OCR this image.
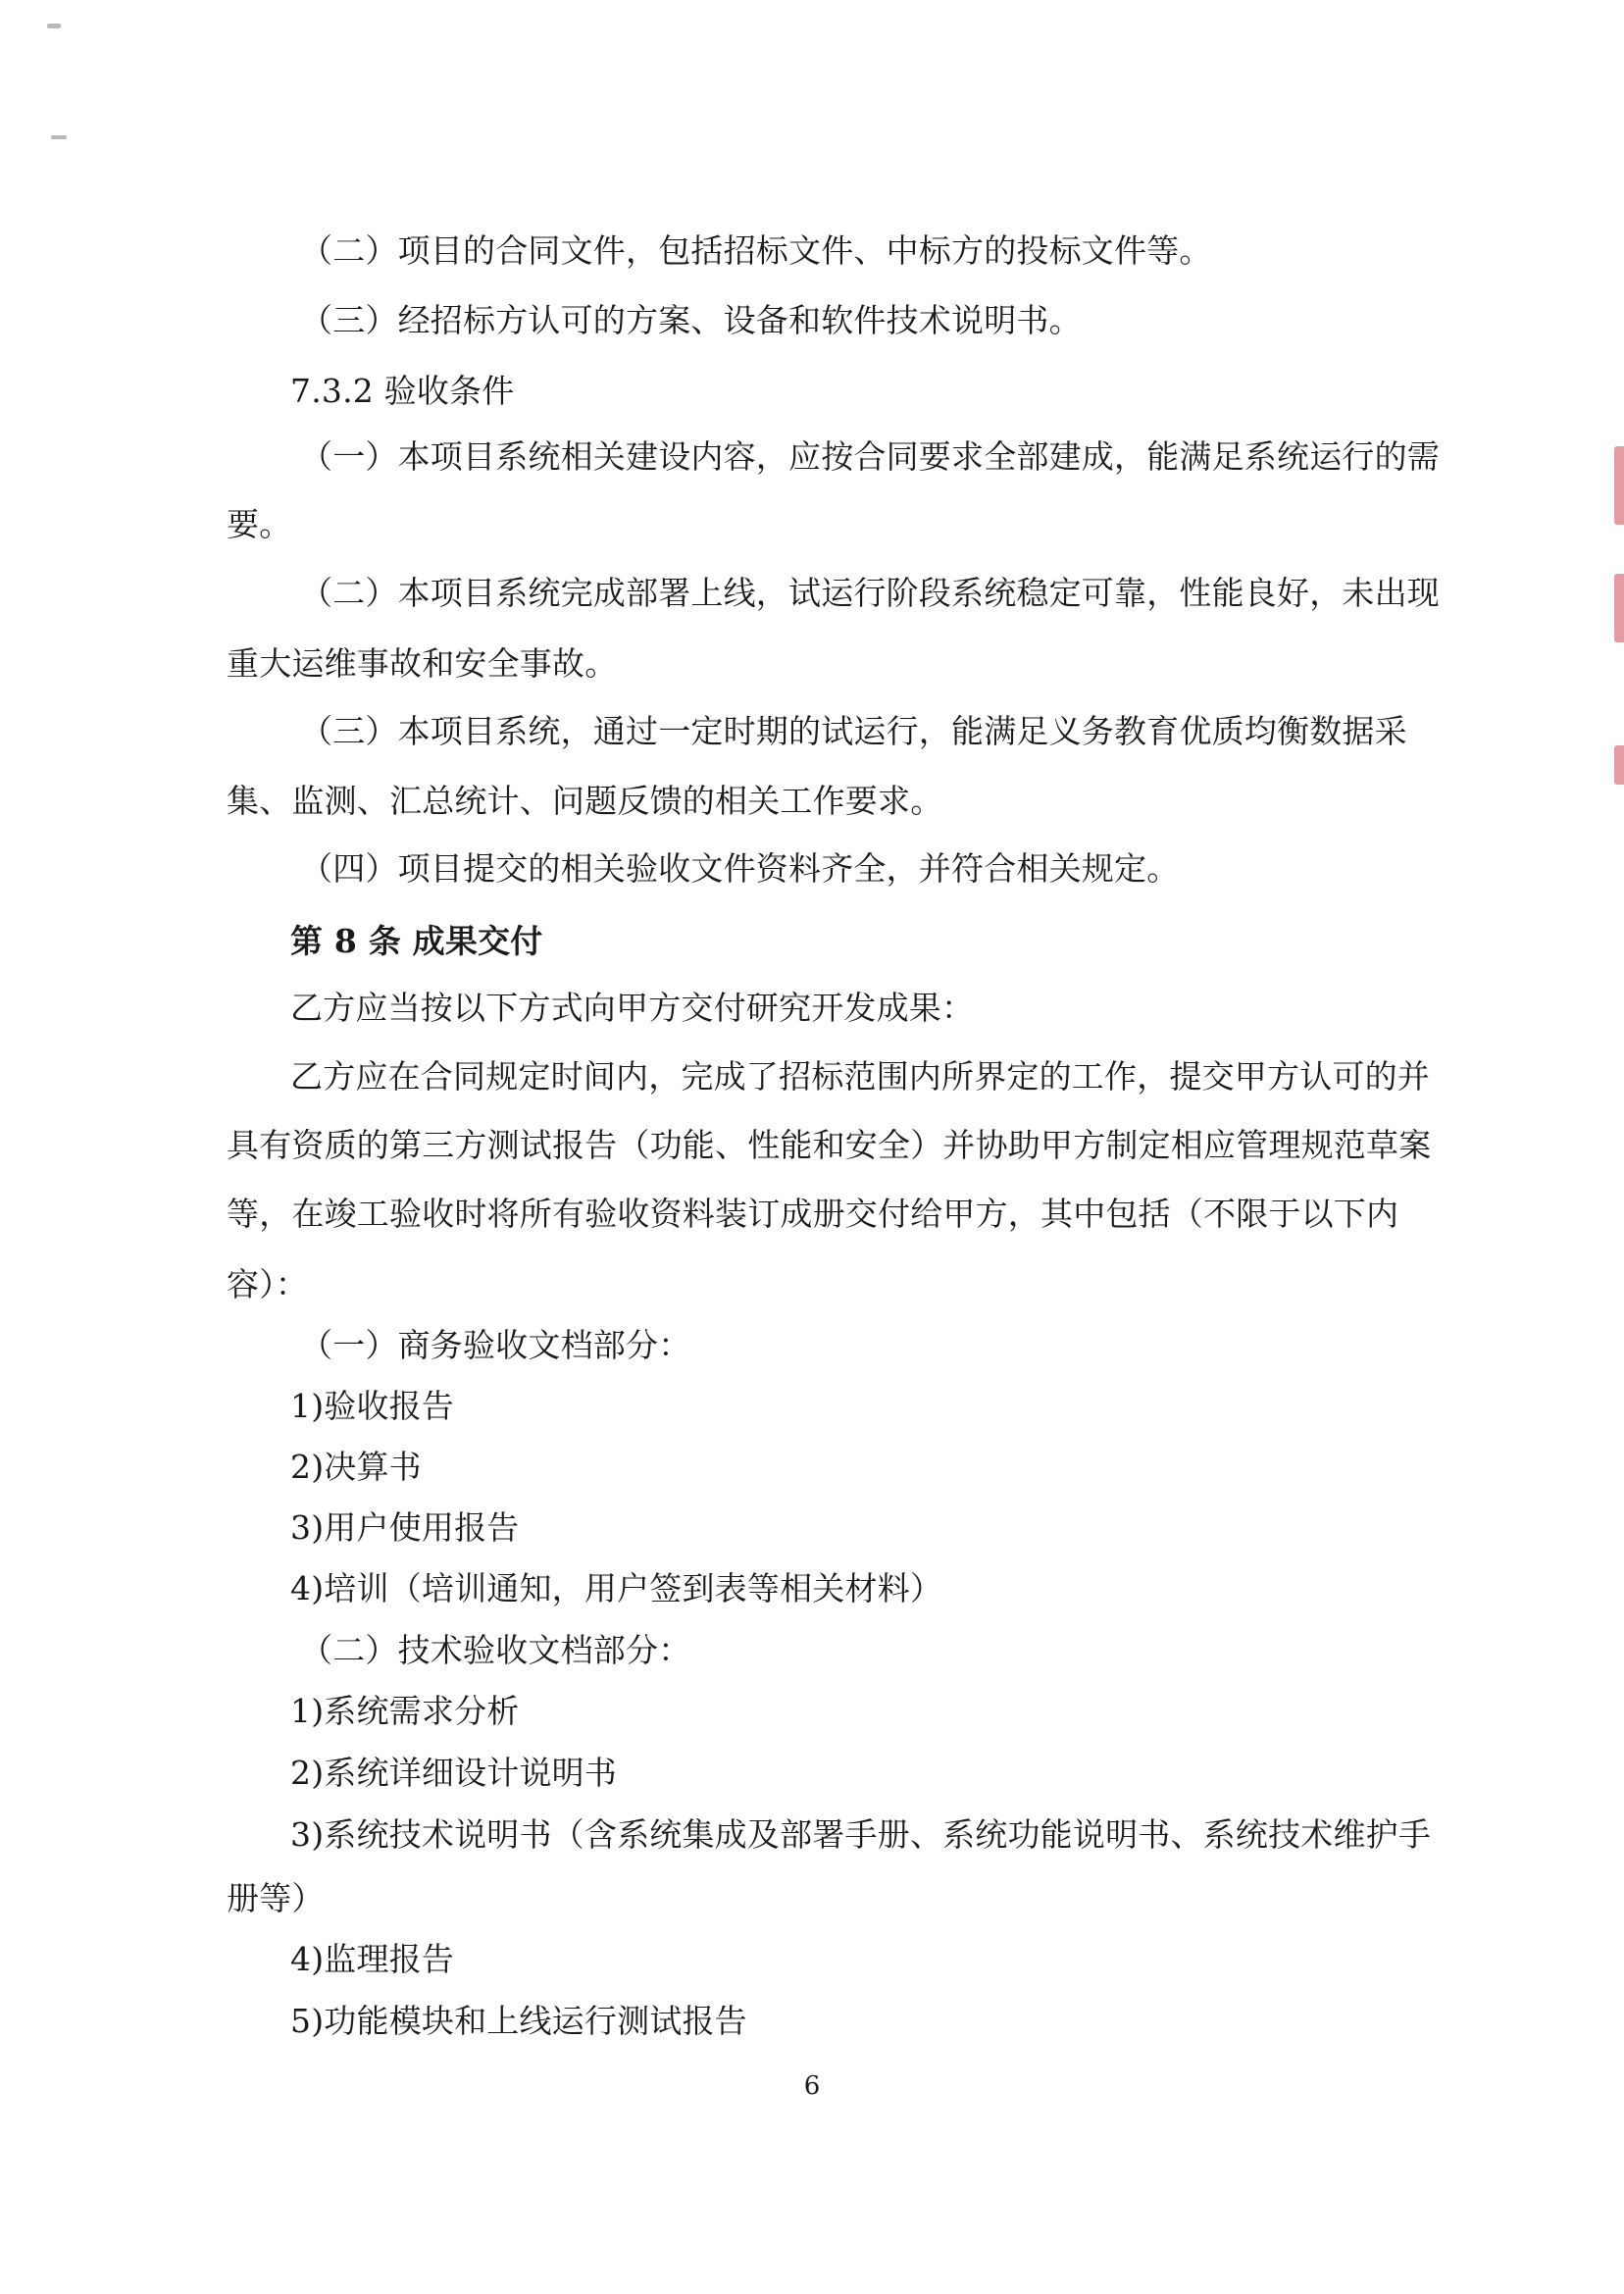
（二）项目的合同文件，包括招标文件、中标方的投标文件等。
（三）经招标方认可的方案、设备和软件技术说明书。
7.3.2 验收条件
（一）本项目系统相关建设内容，应按合同要求全部建成，能满足系统运行的需
要。
（二）本项目系统完成部署上线，试运行阶段系统稳定可靠，性能良好，未出现
重大运维事故和安全事故。
（三）本项目系统，通过一定时期的试运行，能满足义务教育优质均衡数据采
集、监测、汇总统计、问题反馈的相关工作要求。
（四）项目提交的相关验收文件资料齐全，并符合相关规定。
第 8 条 成果交付
乙方应当按以下方式向甲方交付研究开发成果：
乙方应在合同规定时间内，完成了招标范围内所界定的工作，提交甲方认可的并
具有资质的第三方测试报告（功能、性能和安全）并协助甲方制定相应管理规范草案
等，在竣工验收时将所有验收资料装订成册交付给甲方，其中包括（不限于以下内
容）：
（一）商务验收文档部分：
1)验收报告
2)决算书
3)用户使用报告
4)培训（培训通知，用户签到表等相关材料）
（二）技术验收文档部分：
1)系统需求分析
2)系统详细设计说明书
3)系统技术说明书（含系统集成及部署手册、系统功能说明书、系统技术维护手
册等）
4)监理报告
5)功能模块和上线运行测试报告
6
